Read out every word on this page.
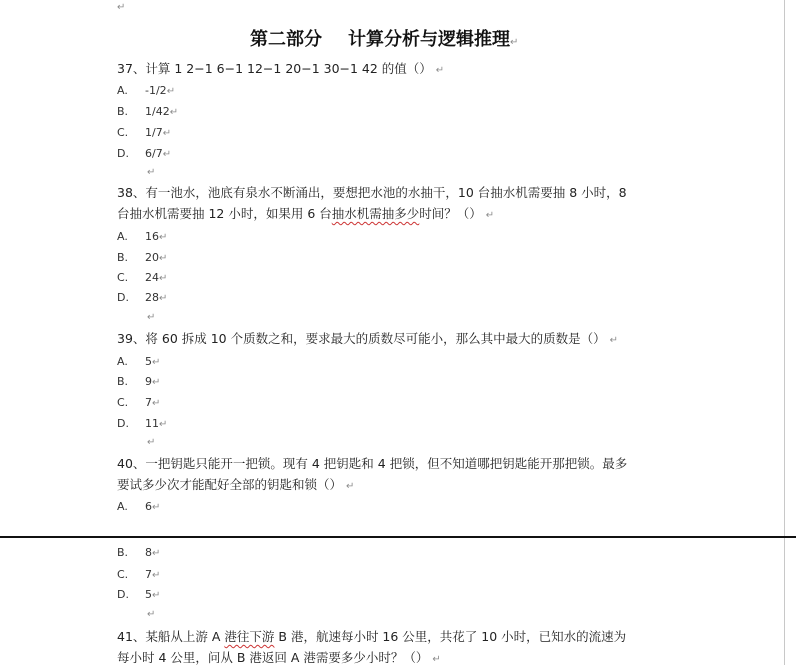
↵
第二部分 计算分析与逻辑推理↵
37、计算 1 2−1 6−1 12−1 20−1 30−1 42 的值（） ↵
A. -1/2↵
B. 1/42↵
C. 1/7↵
D. 6/7↵
↵
38、有一池水，池底有泉水不断涌出，要想把水池的水抽干，10 台抽水机需要抽 8 小时，8
台抽水机需要抽 12 小时，如果用 6 台抽水机需抽多少时间？（） ↵
A. 16↵
B. 20↵
C. 24↵
D. 28↵
↵
39、将 60 拆成 10 个质数之和，要求最大的质数尽可能小，那么其中最大的质数是（） ↵
A. 5↵
B. 9↵
C. 7↵
D. 11↵
↵
40、一把钥匙只能开一把锁。现有 4 把钥匙和 4 把锁，但不知道哪把钥匙能开那把锁。最多
要试多少次才能配好全部的钥匙和锁（） ↵
A. 6↵
B. 8↵
C. 7↵
D. 5↵
↵
41、某船从上游 A 港往下游 B 港，航速每小时 16 公里，共花了 10 小时，已知水的流速为
每小时 4 公里，问从 B 港返回 A 港需要多少小时？（） ↵
